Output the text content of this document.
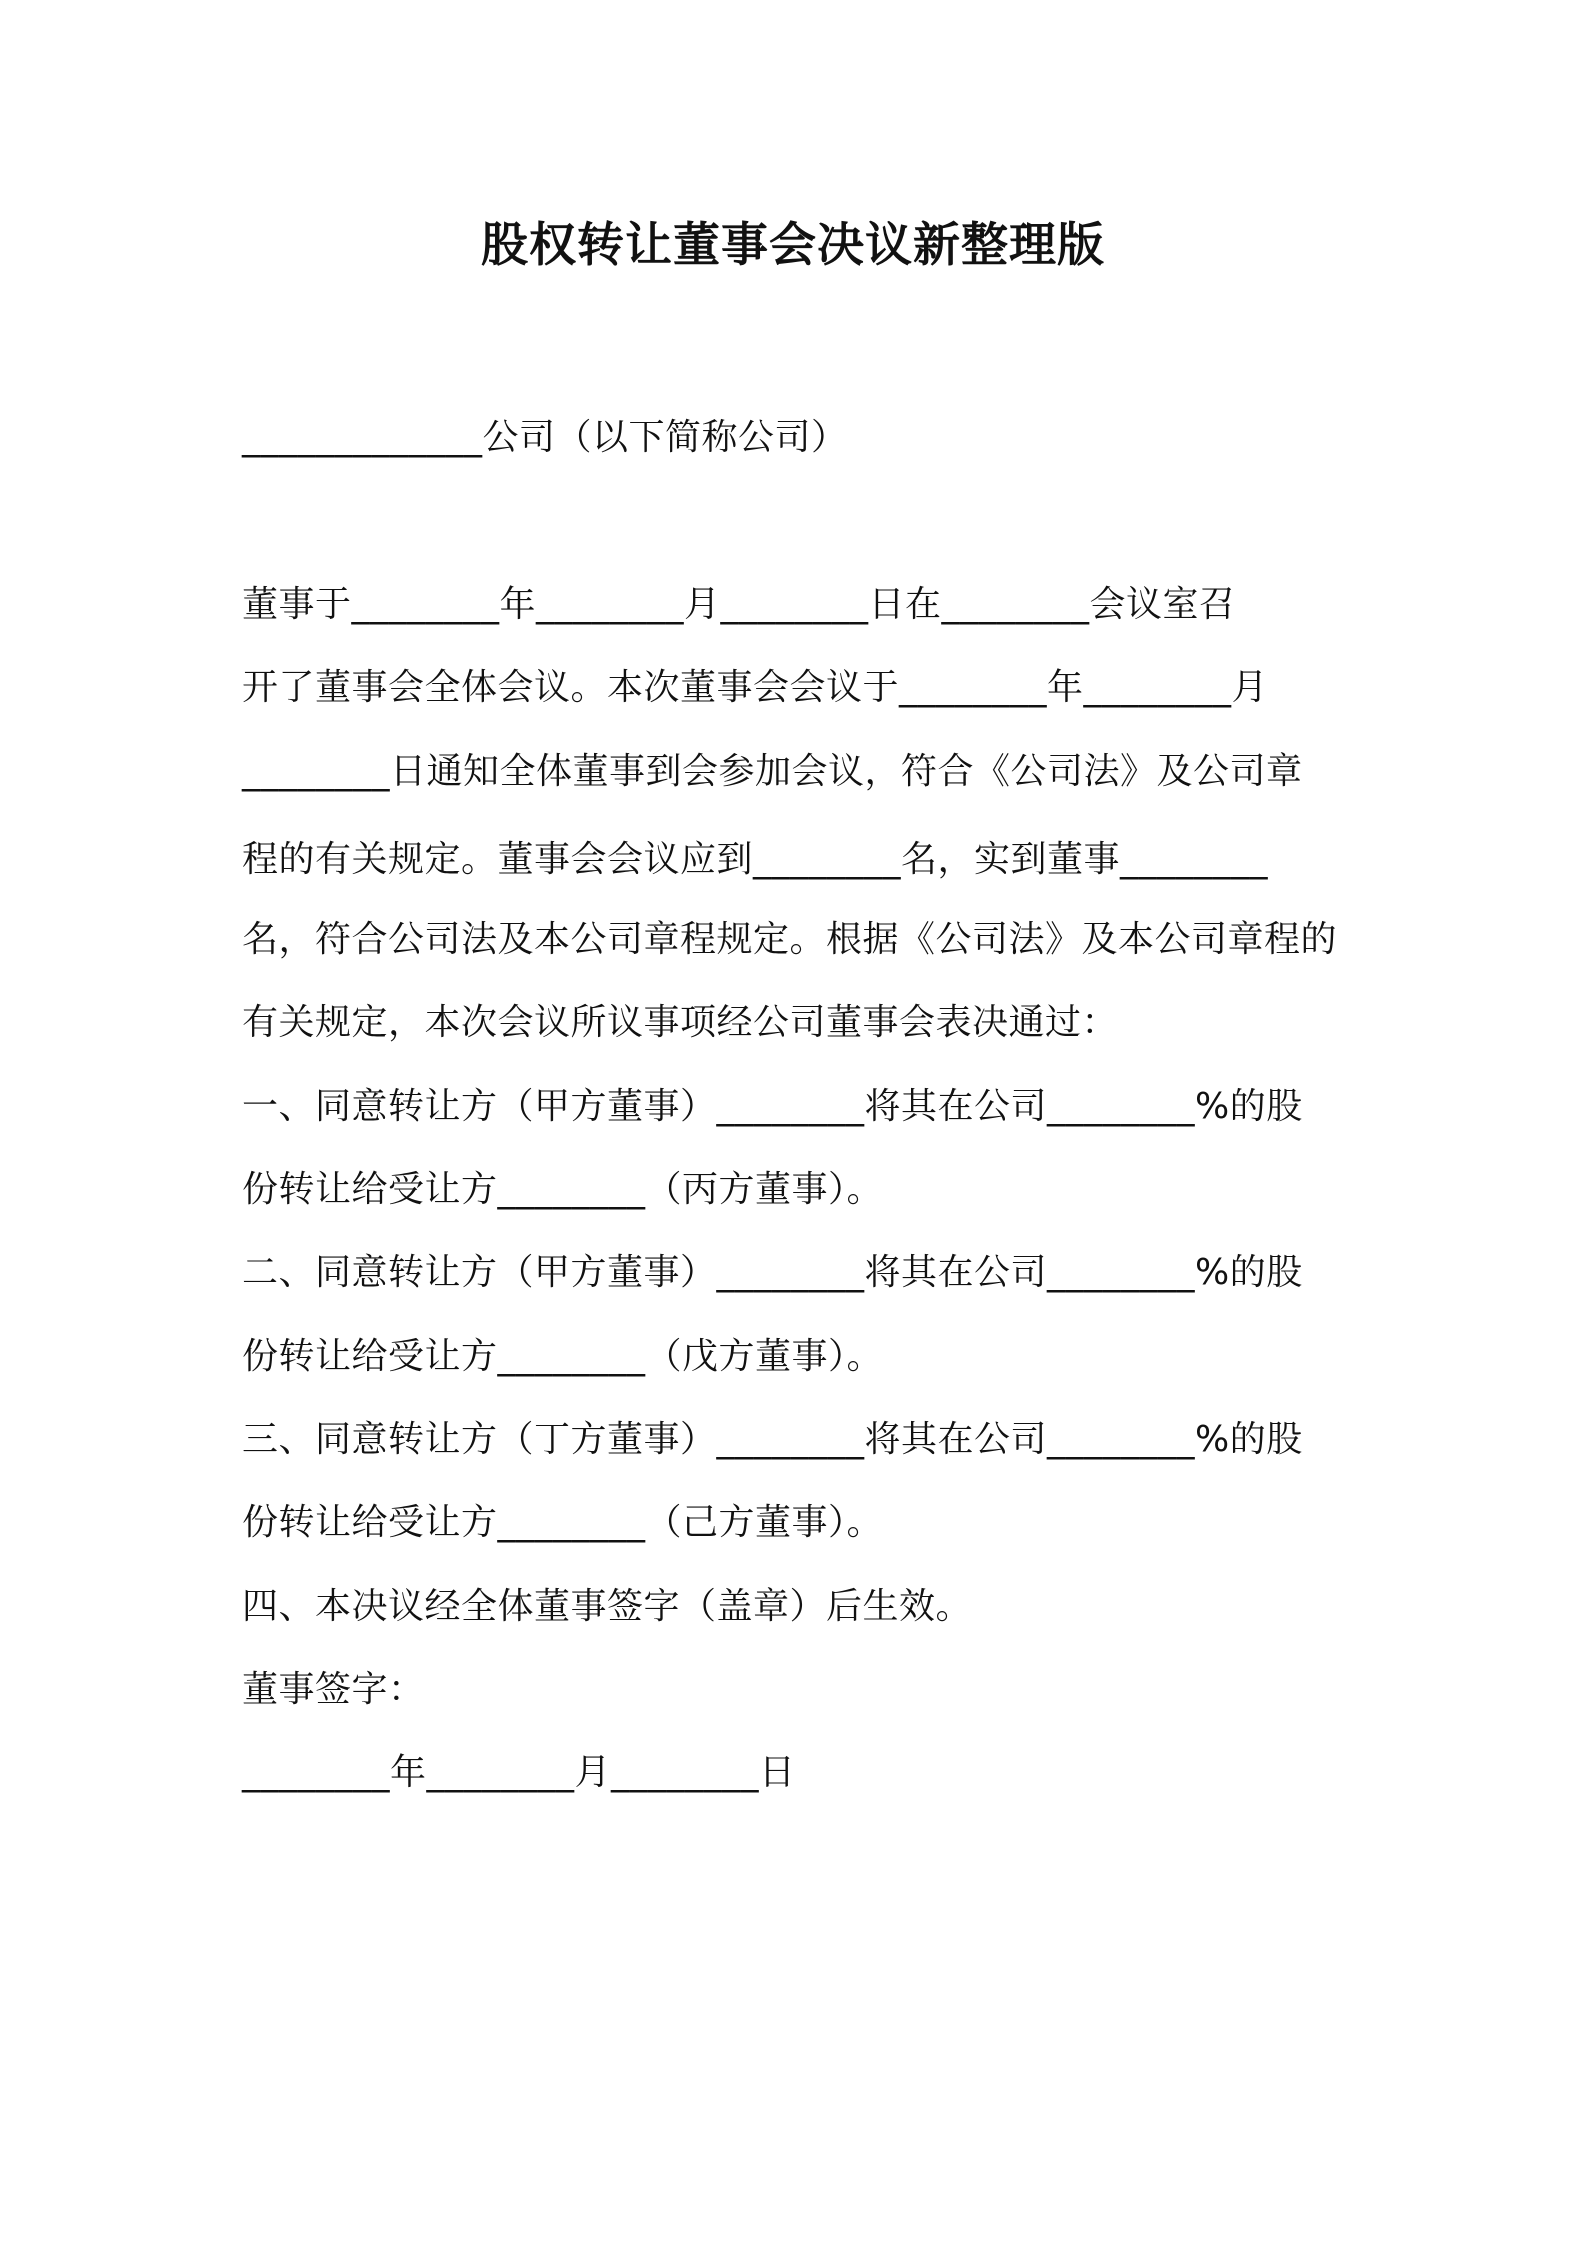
股权转让董事会决议新整理版
_____________公司（以下简称公司）
董事于________年________月________日在________会议室召
开了董事会全体会议。本次董事会会议于________年________月
________日通知全体董事到会参加会议，符合《公司法》及公司章
程的有关规定。董事会会议应到________名，实到董事________
名，符合公司法及本公司章程规定。根据《公司法》及本公司章程的
有关规定，本次会议所议事项经公司董事会表决通过：
一、同意转让方（甲方董事）________将其在公司________%的股
份转让给受让方________（丙方董事）。
二、同意转让方（甲方董事）________将其在公司________%的股
份转让给受让方________（戊方董事）。
三、同意转让方（丁方董事）________将其在公司________%的股
份转让给受让方________（己方董事）。
四、本决议经全体董事签字（盖章）后生效。
董事签字：
________年________月________日
